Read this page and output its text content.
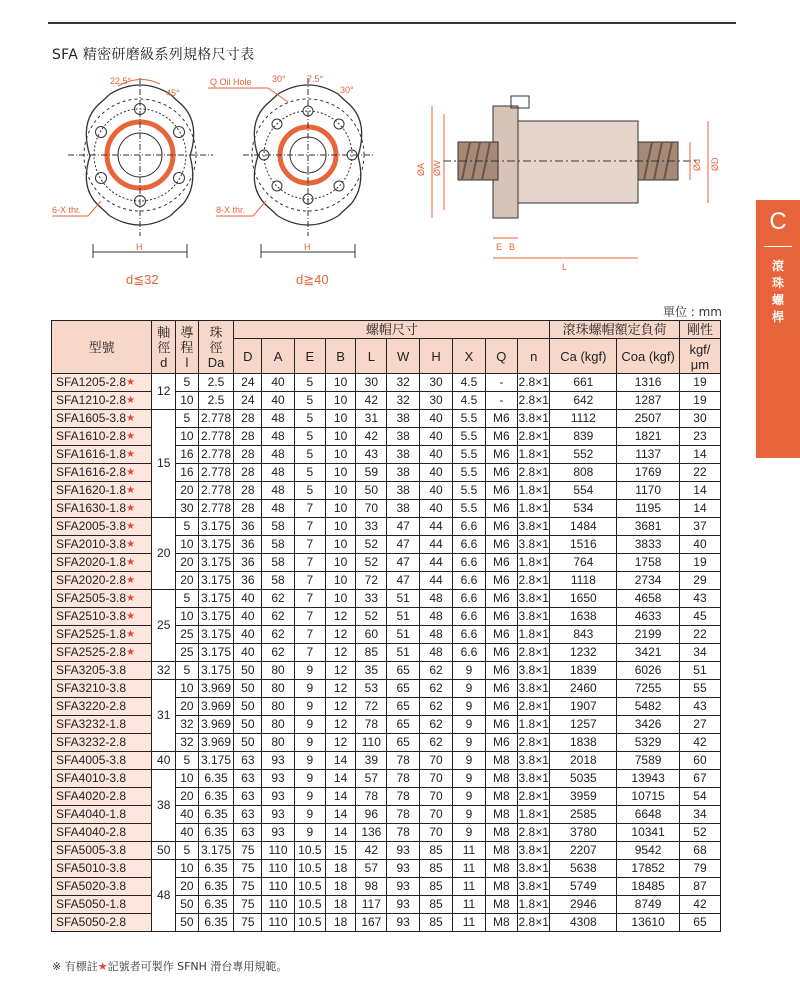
SFA 精密研磨級系列規格尺寸表
22.5°
45°
6-X thr.
H
d≦32
Q Oil Hole 30° 7.5°
30°
8-X thr.
H
d≧40
ØA ØW	Ød ØD
E B
L
C
滾
珠
螺
桿
單位 : mm
型號	軸
徑
d	導
程
l	珠
徑
Da	螺帽尺寸										滾珠螺帽額定負荷		剛性
				D	A	E	B	L	W	H	X	Q	n	Ca (kgf)	Coa (kgf)	kgf/
μm
SFA1205-2.8★	12	5	2.5	24	40	5	10	30	32	30	4.5	-	2.8×1	661	1316	19
SFA1210-2.8★		10	2.5	24	40	5	10	42	32	30	4.5	-	2.8×1	642	1287	19
SFA1605-3.8★	15	5	2.778	28	48	5	10	31	38	40	5.5	M6	3.8×1	1112	2507	30
SFA1610-2.8★		10	2.778	28	48	5	10	42	38	40	5.5	M6	2.8×1	839	1821	23
SFA1616-1.8★		16	2.778	28	48	5	10	43	38	40	5.5	M6	1.8×1	552	1137	14
SFA1616-2.8★		16	2.778	28	48	5	10	59	38	40	5.5	M6	2.8×1	808	1769	22
SFA1620-1.8★		20	2.778	28	48	5	10	50	38	40	5.5	M6	1.8×1	554	1170	14
SFA1630-1.8★		30	2.778	28	48	7	10	70	38	40	5.5	M6	1.8×1	534	1195	14
SFA2005-3.8★	20	5	3.175	36	58	7	10	33	47	44	6.6	M6	3.8×1	1484	3681	37
SFA2010-3.8★		10	3.175	36	58	7	10	52	47	44	6.6	M6	3.8×1	1516	3833	40
SFA2020-1.8★		20	3.175	36	58	7	10	52	47	44	6.6	M6	1.8×1	764	1758	19
SFA2020-2.8★		20	3.175	36	58	7	10	72	47	44	6.6	M6	2.8×1	1118	2734	29
SFA2505-3.8★	25	5	3.175	40	62	7	10	33	51	48	6.6	M6	3.8×1	1650	4658	43
SFA2510-3.8★		10	3.175	40	62	7	12	52	51	48	6.6	M6	3.8×1	1638	4633	45
SFA2525-1.8★		25	3.175	40	62	7	12	60	51	48	6.6	M6	1.8×1	843	2199	22
SFA2525-2.8★		25	3.175	40	62	7	12	85	51	48	6.6	M6	2.8×1	1232	3421	34
SFA3205-3.8	32	5	3.175	50	80	9	12	35	65	62	9	M6	3.8×1	1839	6026	51
SFA3210-3.8	31	10	3.969	50	80	9	12	53	65	62	9	M6	3.8×1	2460	7255	55
SFA3220-2.8		20	3.969	50	80	9	12	72	65	62	9	M6	2.8×1	1907	5482	43
SFA3232-1.8		32	3.969	50	80	9	12	78	65	62	9	M6	1.8×1	1257	3426	27
SFA3232-2.8		32	3.969	50	80	9	12	110	65	62	9	M6	2.8×1	1838	5329	42
SFA4005-3.8	40	5	3.175	63	93	9	14	39	78	70	9	M8	3.8×1	2018	7589	60
SFA4010-3.8	38	10	6.35	63	93	9	14	57	78	70	9	M8	3.8×1	5035	13943	67
SFA4020-2.8		20	6.35	63	93	9	14	78	78	70	9	M8	2.8×1	3959	10715	54
SFA4040-1.8		40	6.35	63	93	9	14	96	78	70	9	M8	1.8×1	2585	6648	34
SFA4040-2.8		40	6.35	63	93	9	14	136	78	70	9	M8	2.8×1	3780	10341	52
SFA5005-3.8	50	5	3.175	75	110	10.5	15	42	93	85	11	M8	3.8×1	2207	9542	68
SFA5010-3.8	48	10	6.35	75	110	10.5	18	57	93	85	11	M8	3.8×1	5638	17852	79
SFA5020-3.8		20	6.35	75	110	10.5	18	98	93	85	11	M8	3.8×1	5749	18485	87
SFA5050-1.8		50	6.35	75	110	10.5	18	117	93	85	11	M8	1.8×1	2946	8749	42
SFA5050-2.8		50	6.35	75	110	10.5	18	167	93	85	11	M8	2.8×1	4308	13610	65
※ 有標註★記號者可製作 SFNH 滑台專用規範。
